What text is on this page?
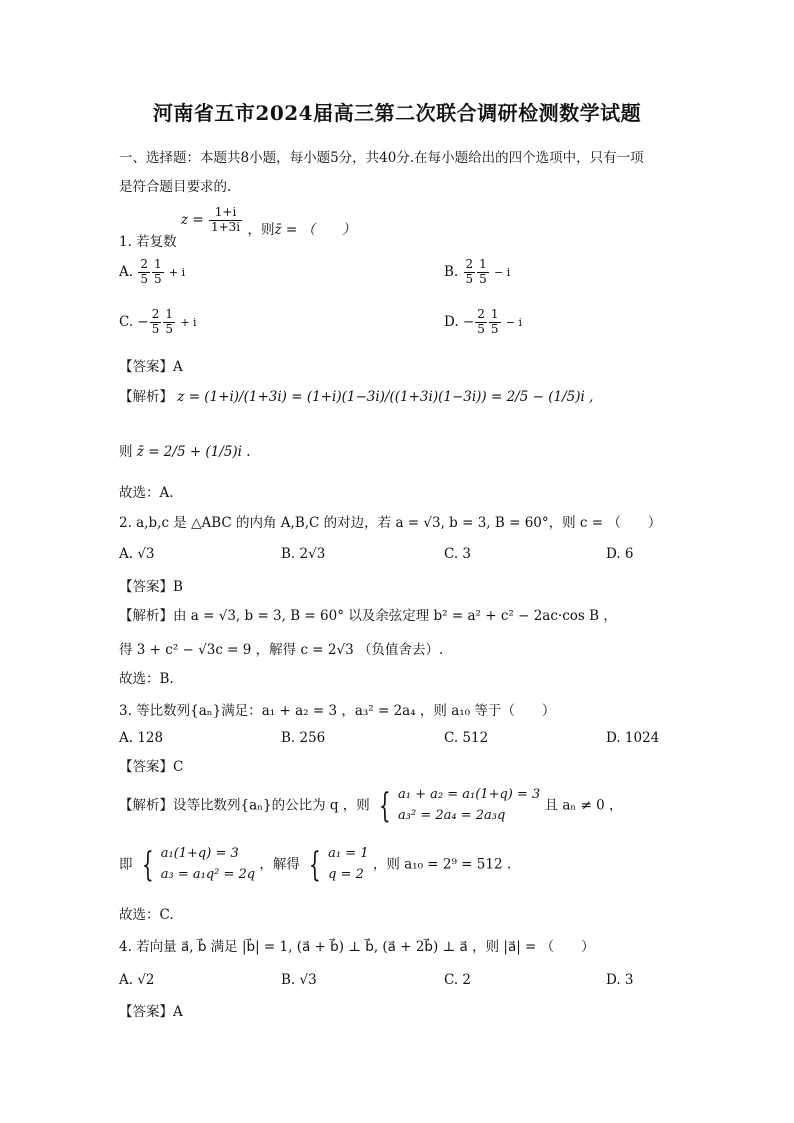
河南省五市2024届高三第二次联合调研检测数学试题
一、选择题：本题共8小题，每小题5分，共40分.在每小题给出的四个选项中，只有一项
是符合题目要求的.
1. 若复数 $z = \frac{1+i}{1+3i}$ ，则z̄ = （　　）
A. $\frac{2}{5} \frac{1}{5} + i$	B. $\frac{2}{5} \frac{1}{5} - i$
C. − $\frac{2}{5} \frac{1}{5} + i$	D. − $\frac{2}{5} \frac{1}{5} - i$
【答案】A
【解析】 z = (1+i)/(1+3i) = (1+i)(1−3i)/((1+3i)(1−3i)) = 2/5 − (1/5)i ,
则 z̄ = 2/5 + (1/5)i .
故选：A.
2. a,b,c 是 △ABC 的内角 A,B,C 的对边，若 a = √3, b = 3, B = 60°，则 c = （　　）
A. √3	B. 2√3	C. 3	D. 6
【答案】B
【解析】由 a = √3, b = 3, B = 60° 以及余弦定理 b² = a² + c² − 2ac·cos B ，
得 3 + c² − √3c = 9 ，解得 c = 2√3 （负值舍去）.
故选：B.
3. 等比数列{aₙ}满足：a₁ + a₂ = 3 ，a₃² = 2a₄ ，则 a₁₀ 等于（　　）
A. 128	B. 256	C. 512	D. 1024
【答案】C
【解析】设等比数列{aₙ}的公比为 q ，则 { a₁ + a₂ = a₁(1+q) = 3
a₃² = 2a₄ = 2a₃q
且 aₙ ≠ 0 ，
即 { a₁(1+q) = 3
a₃ = a₁q² = 2q
，解得 { a₁ = 1
q = 2
，则 a₁₀ = 2⁹ = 512 .
故选：C.
4. 若向量 a⃗, b⃗ 满足 |b⃗| = 1, (a⃗ + b⃗) ⊥ b⃗, (a⃗ + 2b⃗) ⊥ a⃗ ，则 |a⃗| = （　　）
A. √2	B. √3	C. 2	D. 3
【答案】A
